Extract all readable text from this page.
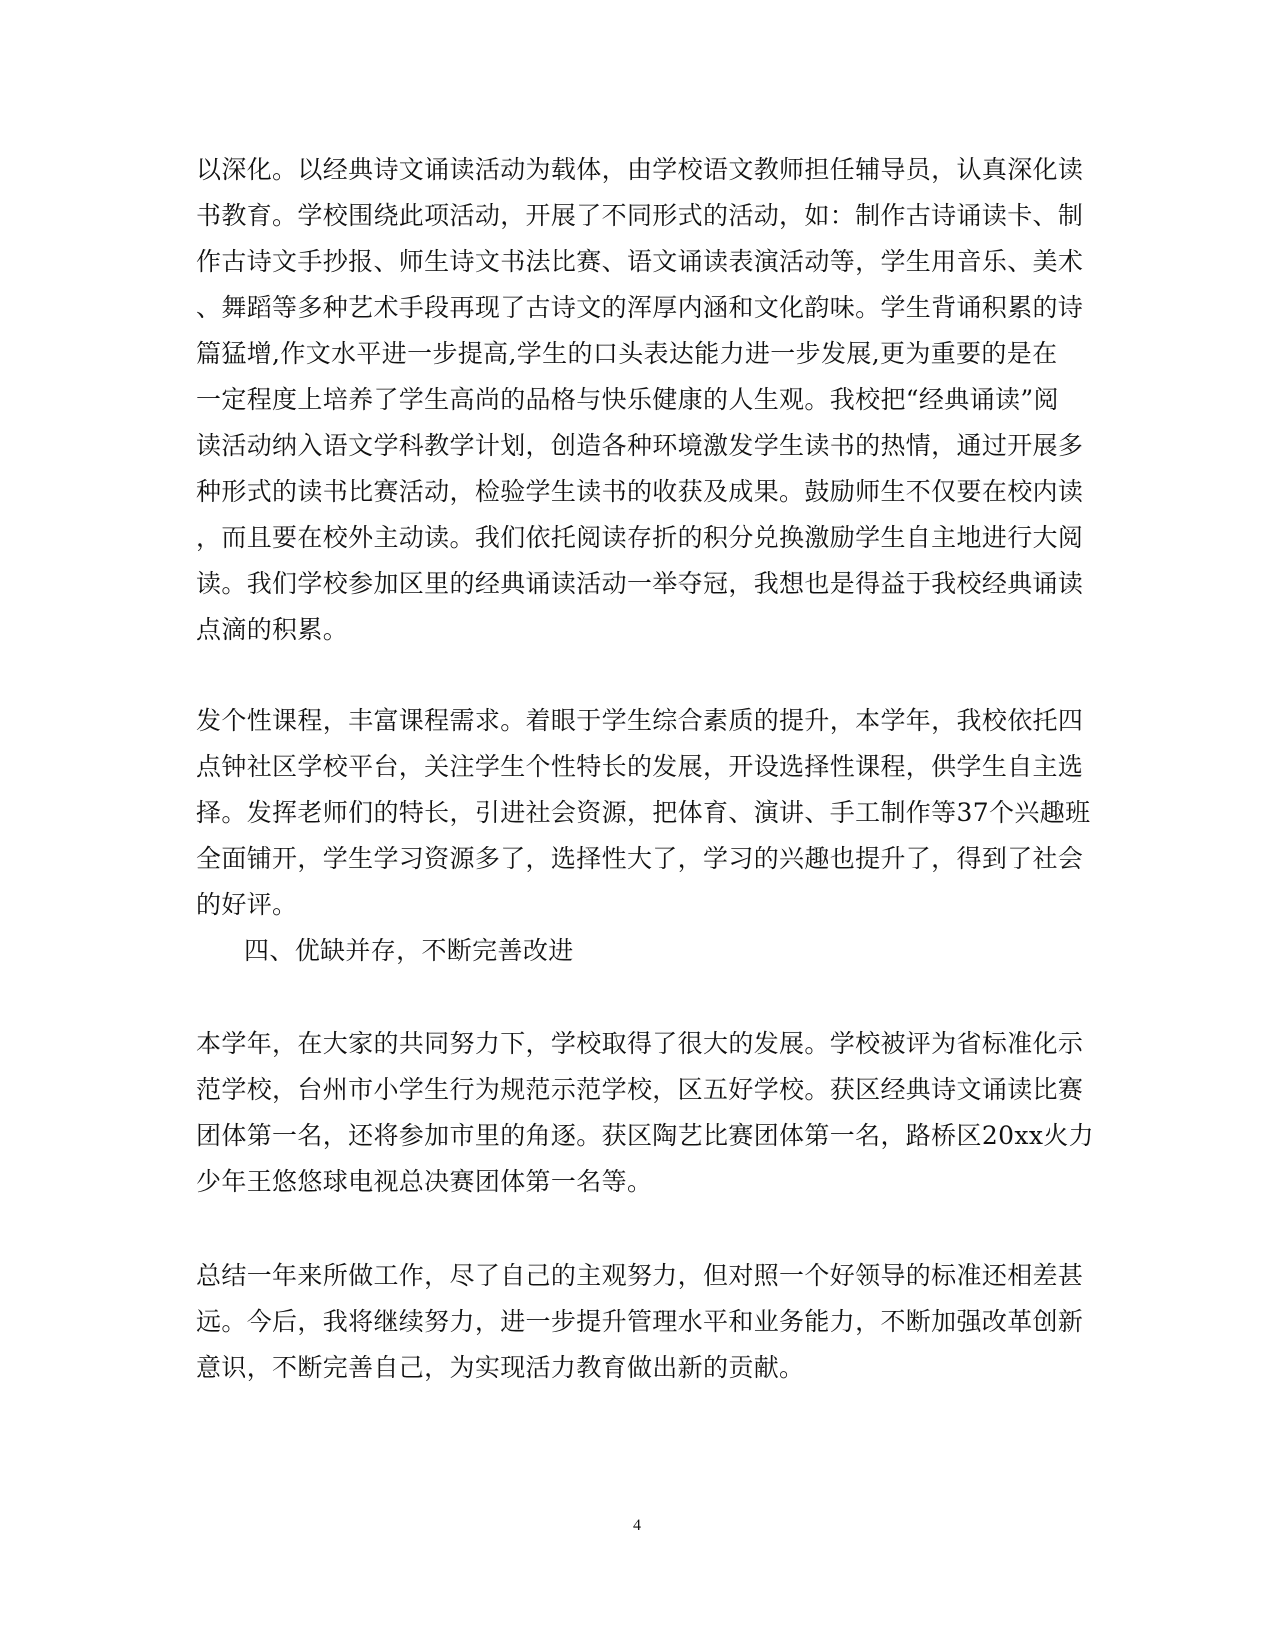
以深化。以经典诗文诵读活动为载体，由学校语文教师担任辅导员，认真深化读
书教育。学校围绕此项活动，开展了不同形式的活动，如：制作古诗诵读卡、制
作古诗文手抄报、师生诗文书法比赛、语文诵读表演活动等，学生用音乐、美术
、舞蹈等多种艺术手段再现了古诗文的浑厚内涵和文化韵味。学生背诵积累的诗
篇猛增,作文水平进一步提高,学生的口头表达能力进一步发展,更为重要的是在
一定程度上培养了学生高尚的品格与快乐健康的人生观。我校把“经典诵读”阅
读活动纳入语文学科教学计划，创造各种环境激发学生读书的热情，通过开展多
种形式的读书比赛活动，检验学生读书的收获及成果。鼓励师生不仅要在校内读
，而且要在校外主动读。我们依托阅读存折的积分兑换激励学生自主地进行大阅
读。我们学校参加区里的经典诵读活动一举夺冠，我想也是得益于我校经典诵读
点滴的积累。
发个性课程，丰富课程需求。着眼于学生综合素质的提升，本学年，我校依托四
点钟社区学校平台，关注学生个性特长的发展，开设选择性课程，供学生自主选
择。发挥老师们的特长，引进社会资源，把体育、演讲、手工制作等37个兴趣班
全面铺开，学生学习资源多了，选择性大了，学习的兴趣也提升了，得到了社会
的好评。
四、优缺并存，不断完善改进
本学年，在大家的共同努力下，学校取得了很大的发展。学校被评为省标准化示
范学校，台州市小学生行为规范示范学校，区五好学校。获区经典诗文诵读比赛
团体第一名，还将参加市里的角逐。获区陶艺比赛团体第一名，路桥区20xx火力
少年王悠悠球电视总决赛团体第一名等。
总结一年来所做工作，尽了自己的主观努力，但对照一个好领导的标准还相差甚
远。今后，我将继续努力，进一步提升管理水平和业务能力，不断加强改革创新
意识，不断完善自己，为实现活力教育做出新的贡献。
4
